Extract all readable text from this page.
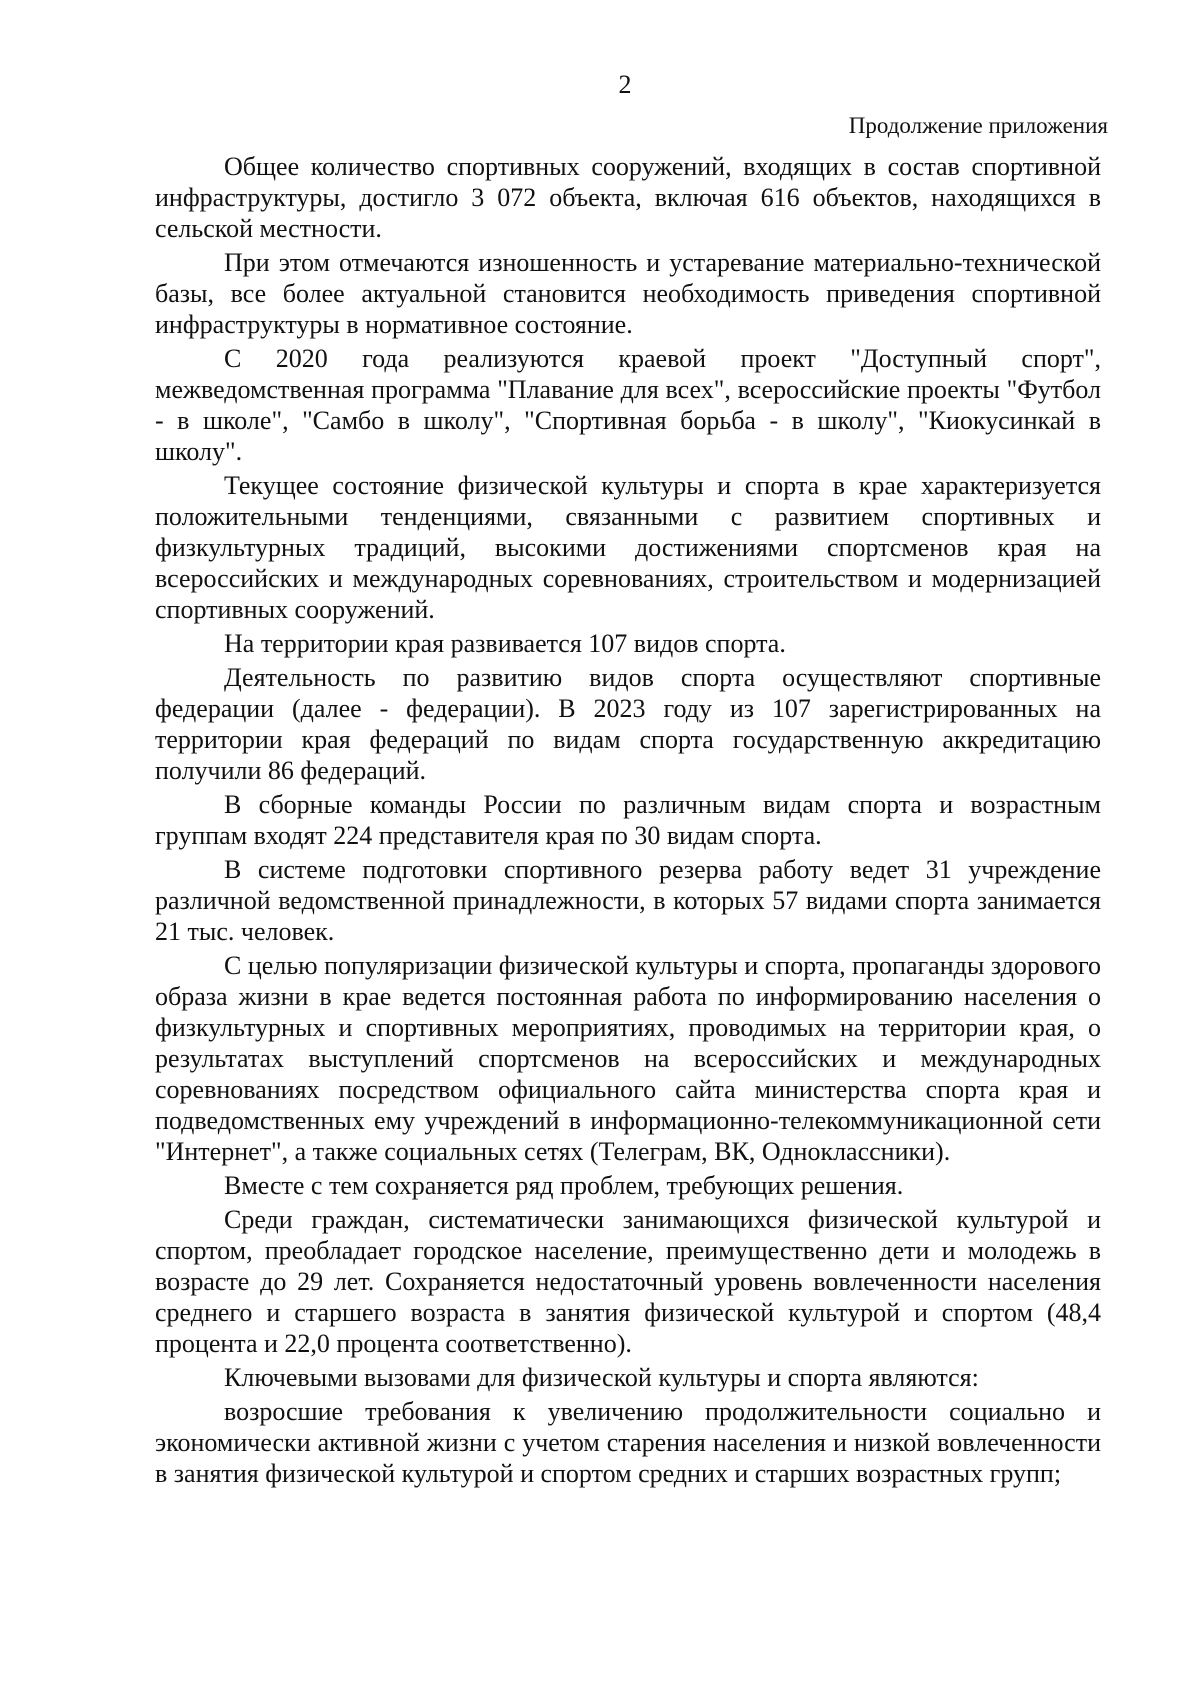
2
Продолжение приложения

Общее количество спортивных сооружений, входящих в состав спортивной инфраструктуры, достигло 3 072 объекта, включая 616 объектов, находящихся в сельской местности.

При этом отмечаются изношенность и устаревание материально-технической базы, все более актуальной становится необходимость приведения спортивной инфраструктуры в нормативное состояние.

С 2020 года реализуются краевой проект "Доступный спорт", межведомственная программа "Плавание для всех", всероссийские проекты "Футбол - в школе", "Самбо в школу", "Спортивная борьба - в школу", "Киокусинкай в школу".

Текущее состояние физической культуры и спорта в крае характеризуется положительными тенденциями, связанными с развитием спортивных и физкультурных традиций, высокими достижениями спортсменов края на всероссийских и международных соревнованиях, строительством и модернизацией спортивных сооружений.

На территории края развивается 107 видов спорта.

Деятельность по развитию видов спорта осуществляют спортивные федерации (далее - федерации). В 2023 году из 107 зарегистрированных на территории края федераций по видам спорта государственную аккредитацию получили 86 федераций.

В сборные команды России по различным видам спорта и возрастным группам входят 224 представителя края по 30 видам спорта.

В системе подготовки спортивного резерва работу ведет 31 учреждение различной ведомственной принадлежности, в которых 57 видами спорта занимается 21 тыс. человек.

С целью популяризации физической культуры и спорта, пропаганды здорового образа жизни в крае ведется постоянная работа по информированию населения о физкультурных и спортивных мероприятиях, проводимых на территории края, о результатах выступлений спортсменов на всероссийских и международных соревнованиях посредством официального сайта министерства спорта края и подведомственных ему учреждений в информационно-телекоммуникационной сети "Интернет", а также социальных сетях (Телеграм, ВК, Одноклассники).

Вместе с тем сохраняется ряд проблем, требующих решения.

Среди граждан, систематически занимающихся физической культурой и спортом, преобладает городское население, преимущественно дети и молодежь в возрасте до 29 лет. Сохраняется недостаточный уровень вовлеченности населения среднего и старшего возраста в занятия физической культурой и спортом (48,4 процента и 22,0 процента соответственно).

Ключевыми вызовами для физической культуры и спорта являются:

возросшие требования к увеличению продолжительности социально и экономически активной жизни с учетом старения населения и низкой вовлеченности в занятия физической культурой и спортом средних и старших возрастных групп;
